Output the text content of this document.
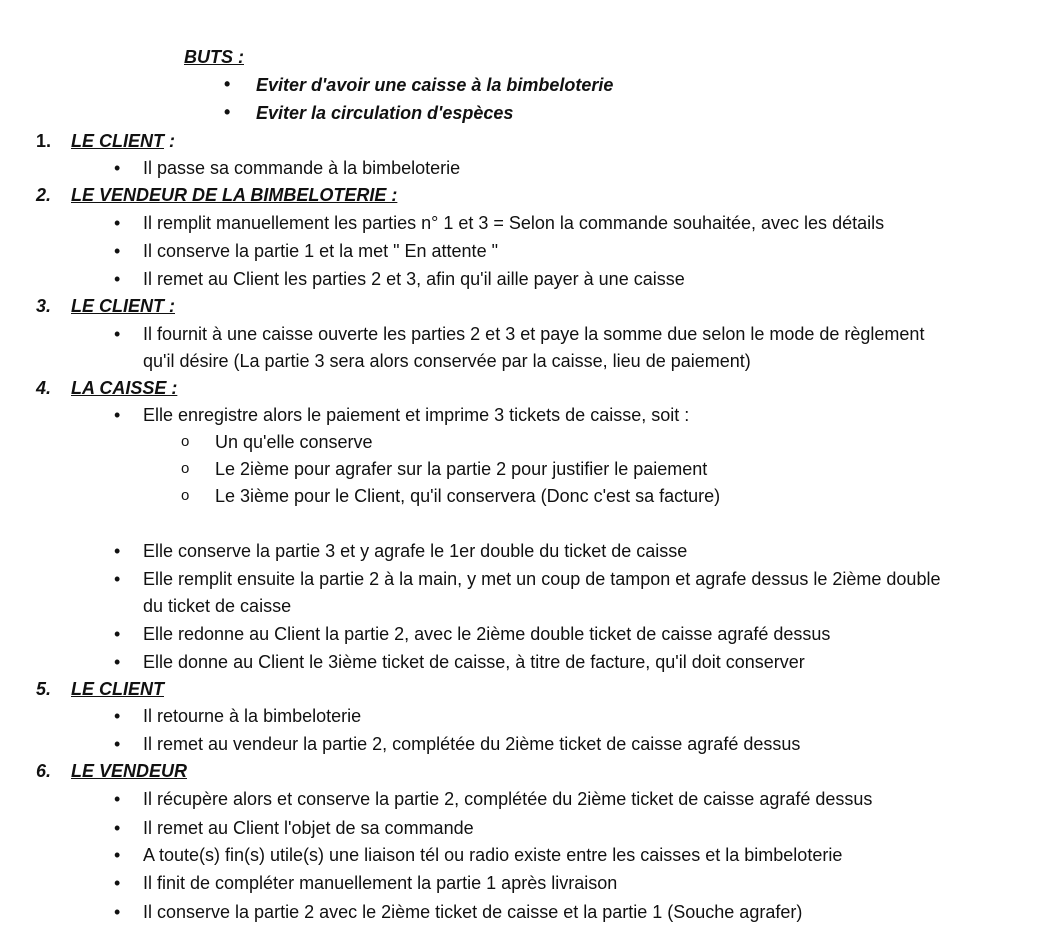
BUTS :
• Eviter d'avoir une caisse à la bimbeloterie
• Eviter la circulation d'espèces
1. LE CLIENT :
• Il passe sa commande à la bimbeloterie
2. LE VENDEUR DE LA BIMBELOTERIE :
• Il remplit manuellement les parties n° 1 et 3 = Selon la commande souhaitée, avec les détails
• Il conserve la partie 1 et la met " En attente "
• Il remet au Client les parties 2 et 3, afin qu'il aille payer à une caisse
3. LE CLIENT :
• Il fournit à une caisse ouverte les parties 2 et 3 et paye la somme due selon le mode de règlement
qu'il désire (La partie 3 sera alors conservée par la caisse, lieu de paiement)
4. LA CAISSE :
• Elle enregistre alors le paiement et imprime 3 tickets de caisse, soit :
o Un qu'elle conserve
o Le 2ième pour agrafer sur la partie 2 pour justifier le paiement
o Le 3ième pour le Client, qu'il conservera (Donc c'est sa facture)
• Elle conserve la partie 3 et y agrafe le 1er double du ticket de caisse
• Elle remplit ensuite la partie 2 à la main, y met un coup de tampon et agrafe dessus le 2ième double
du ticket de caisse
• Elle redonne au Client la partie 2, avec le 2ième double ticket de caisse agrafé dessus
• Elle donne au Client le 3ième ticket de caisse, à titre de facture, qu'il doit conserver
5. LE CLIENT
• Il retourne à la bimbeloterie
• Il remet au vendeur la partie 2, complétée du 2ième ticket de caisse agrafé dessus
6. LE VENDEUR
• Il récupère alors et conserve la partie 2, complétée du 2ième ticket de caisse agrafé dessus
• Il remet au Client l'objet de sa commande
• A toute(s) fin(s) utile(s) une liaison tél ou radio existe entre les caisses et la bimbeloterie
• Il finit de compléter manuellement la partie 1 après livraison
• Il conserve la partie 2 avec le 2ième ticket de caisse et la partie 1 (Souche agrafer)
